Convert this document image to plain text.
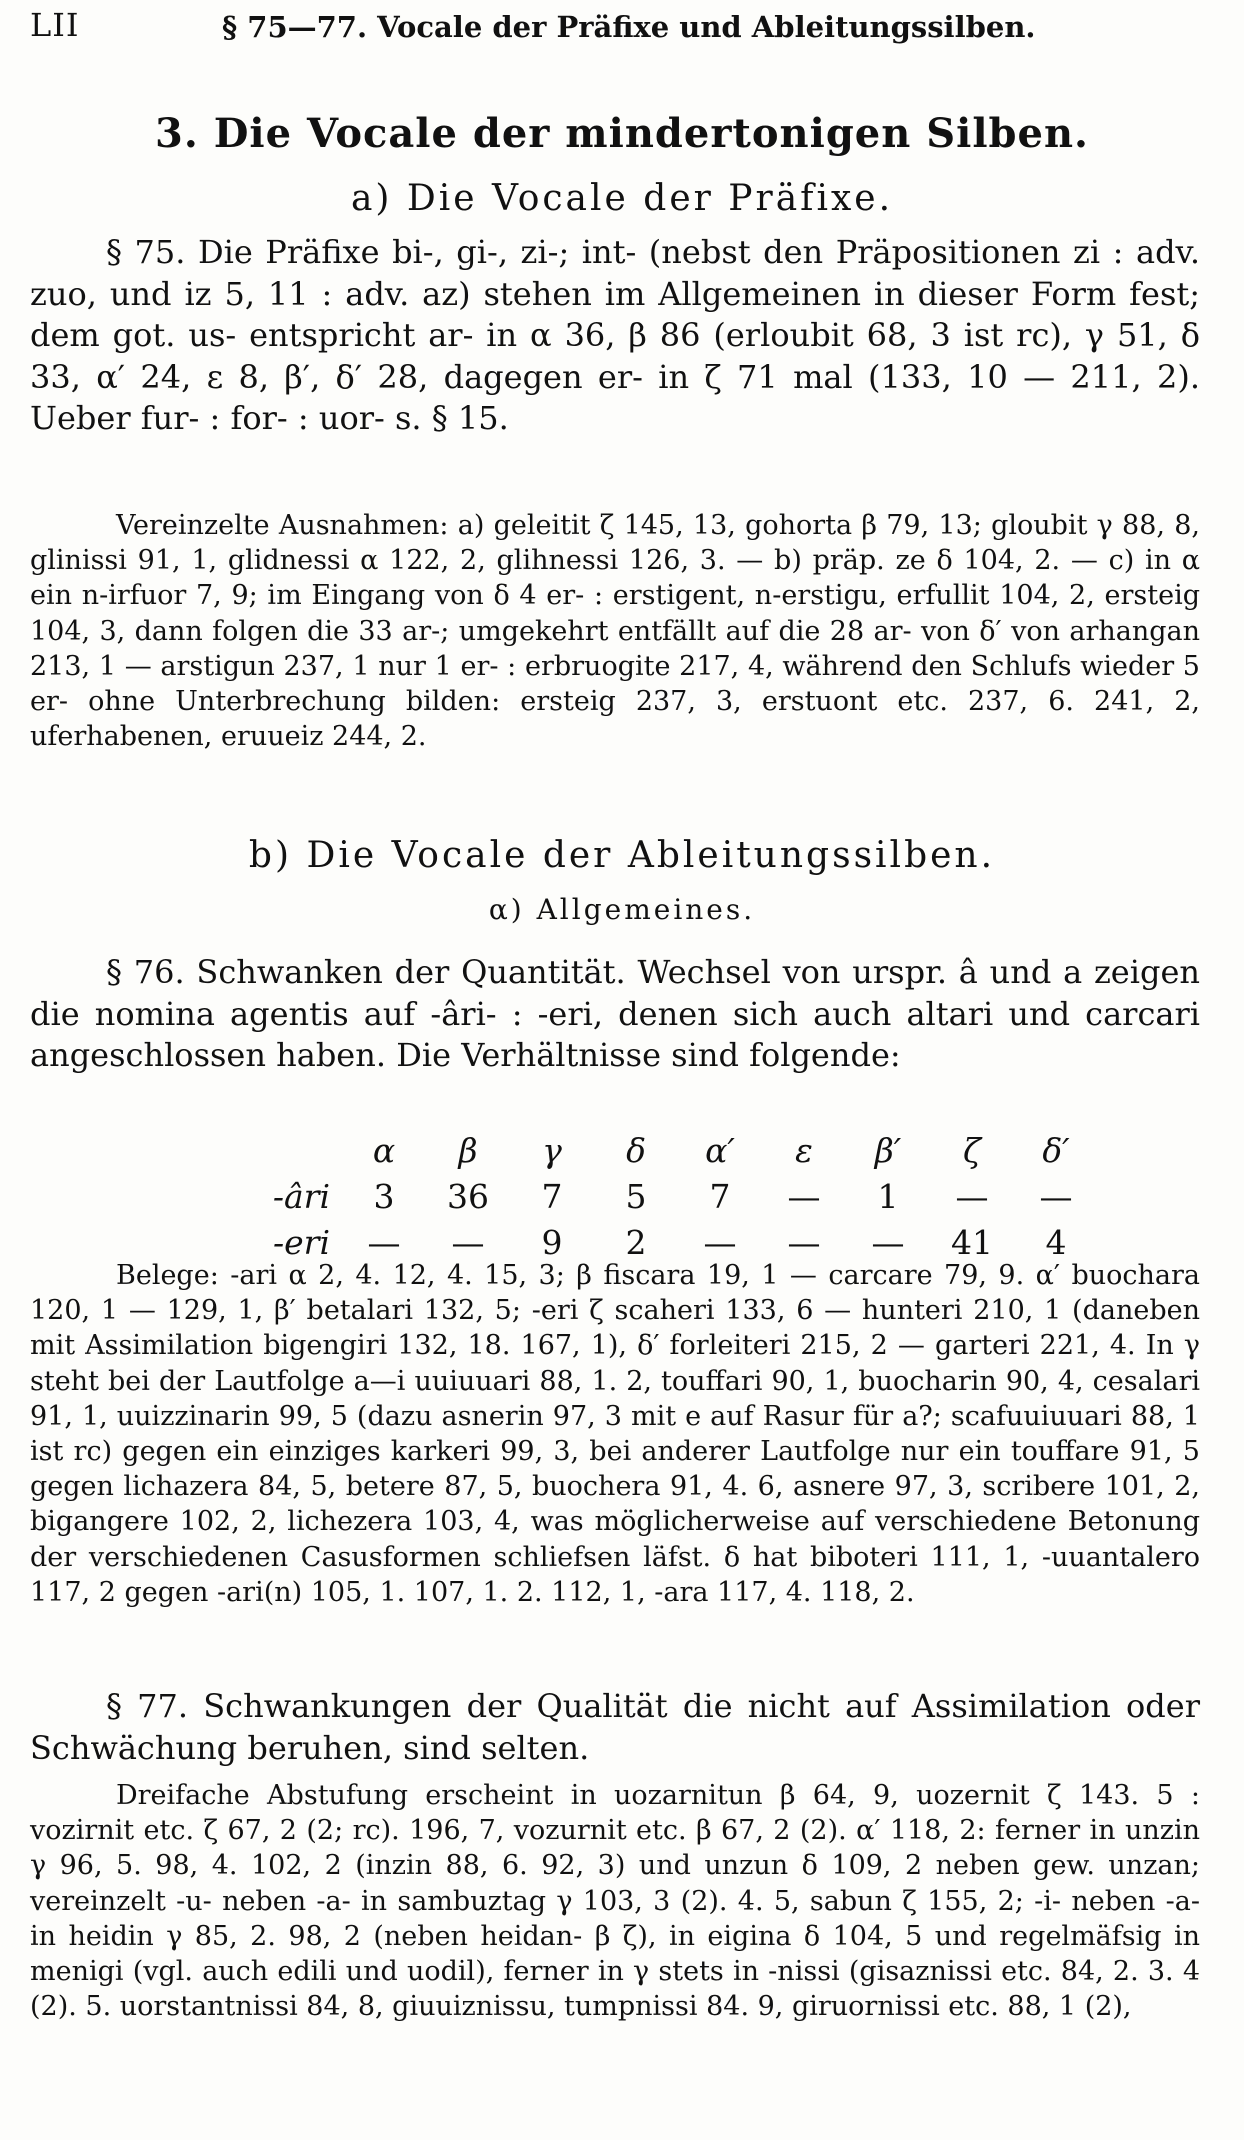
LII	§ 75—77. Vocale der Präfixe und Ableitungssilben.
3. Die Vocale der mindertonigen Silben.
a) Die Vocale der Präfixe.
§ 75. Die Präfixe bi-, gi-, zi-; int- (nebst den Präpositionen zi : adv. zuo, und iz 5, 11 : adv. az) stehen im Allgemeinen in dieser Form fest; dem got. us- entspricht ar- in α 36, β 86 (erloubit 68, 3 ist rc), γ 51, δ 33, α′ 24, ε 8, β′, δ′ 28, dagegen er- in ζ 71 mal (133, 10 — 211, 2). Ueber fur- : for- : uor- s. § 15.
Vereinzelte Ausnahmen: a) geleitit ζ 145, 13, gohorta β 79, 13; gloubit γ 88, 8, glinissi 91, 1, glidnessi α 122, 2, glihnessi 126, 3. — b) präp. ze δ 104, 2. — c) in α ein n-irfuor 7, 9; im Eingang von δ 4 er- : erstigent, n-erstigu, erfullit 104, 2, ersteig 104, 3, dann folgen die 33 ar-; umgekehrt entfällt auf die 28 ar- von δ′ von arhangan 213, 1 — arstigun 237, 1 nur 1 er- : erbruogite 217, 4, während den Schlufs wieder 5 er- ohne Unterbrechung bilden: ersteig 237, 3, erstuont etc. 237, 6. 241, 2, uferhabenen, eruueiz 244, 2.
b) Die Vocale der Ableitungssilben.
α) Allgemeines.
§ 76. Schwanken der Quantität. Wechsel von urspr. â und a zeigen die nomina agentis auf -âri- : -eri, denen sich auch altari und carcari angeschlossen haben. Die Verhältnisse sind folgende:
	α	β	γ	δ	α′	ε	β′	ζ	δ′
-âri	3	36	7	5	7	—	1	—	—
-eri	—	—	9	2	—	—	—	41	4
Belege: -ari α 2, 4. 12, 4. 15, 3; β fiscara 19, 1 — carcare 79, 9. α′ buochara 120, 1 — 129, 1, β′ betalari 132, 5; -eri ζ scaheri 133, 6 — hunteri 210, 1 (daneben mit Assimilation bigengiri 132, 18. 167, 1), δ′ forleiteri 215, 2 — garteri 221, 4. In γ steht bei der Lautfolge a—i uuiuuari 88, 1. 2, touffari 90, 1, buocharin 90, 4, cesalari 91, 1, uuizzinarin 99, 5 (dazu asnerin 97, 3 mit e auf Rasur für a?; scafuuiuuari 88, 1 ist rc) gegen ein einziges karkeri 99, 3, bei anderer Lautfolge nur ein touffare 91, 5 gegen lichazera 84, 5, betere 87, 5, buochera 91, 4. 6, asnere 97, 3, scribere 101, 2, bigangere 102, 2, lichezera 103, 4, was möglicherweise auf verschiedene Betonung der verschiedenen Casusformen schliefsen läfst. δ hat biboteri 111, 1, -uuantalero 117, 2 gegen -ari(n) 105, 1. 107, 1. 2. 112, 1, -ara 117, 4. 118, 2.
§ 77. Schwankungen der Qualität die nicht auf Assimilation oder Schwächung beruhen, sind selten.
Dreifache Abstufung erscheint in uozarnitun β 64, 9, uozernit ζ 143. 5 : vozirnit etc. ζ 67, 2 (2; rc). 196, 7, vozurnit etc. β 67, 2 (2). α′ 118, 2: ferner in unzin γ 96, 5. 98, 4. 102, 2 (inzin 88, 6. 92, 3) und unzun δ 109, 2 neben gew. unzan; vereinzelt -u- neben -a- in sambuztag γ 103, 3 (2). 4. 5, sabun ζ 155, 2; -i- neben -a- in heidin γ 85, 2. 98, 2 (neben heidan- β ζ), in eigina δ 104, 5 und regelmäfsig in menigi (vgl. auch edili und uodil), ferner in γ stets in -nissi (gisaznissi etc. 84, 2. 3. 4 (2). 5. uorstantnissi 84, 8, giuuiznissu, tumpnissi 84. 9, giruornissi etc. 88, 1 (2),
